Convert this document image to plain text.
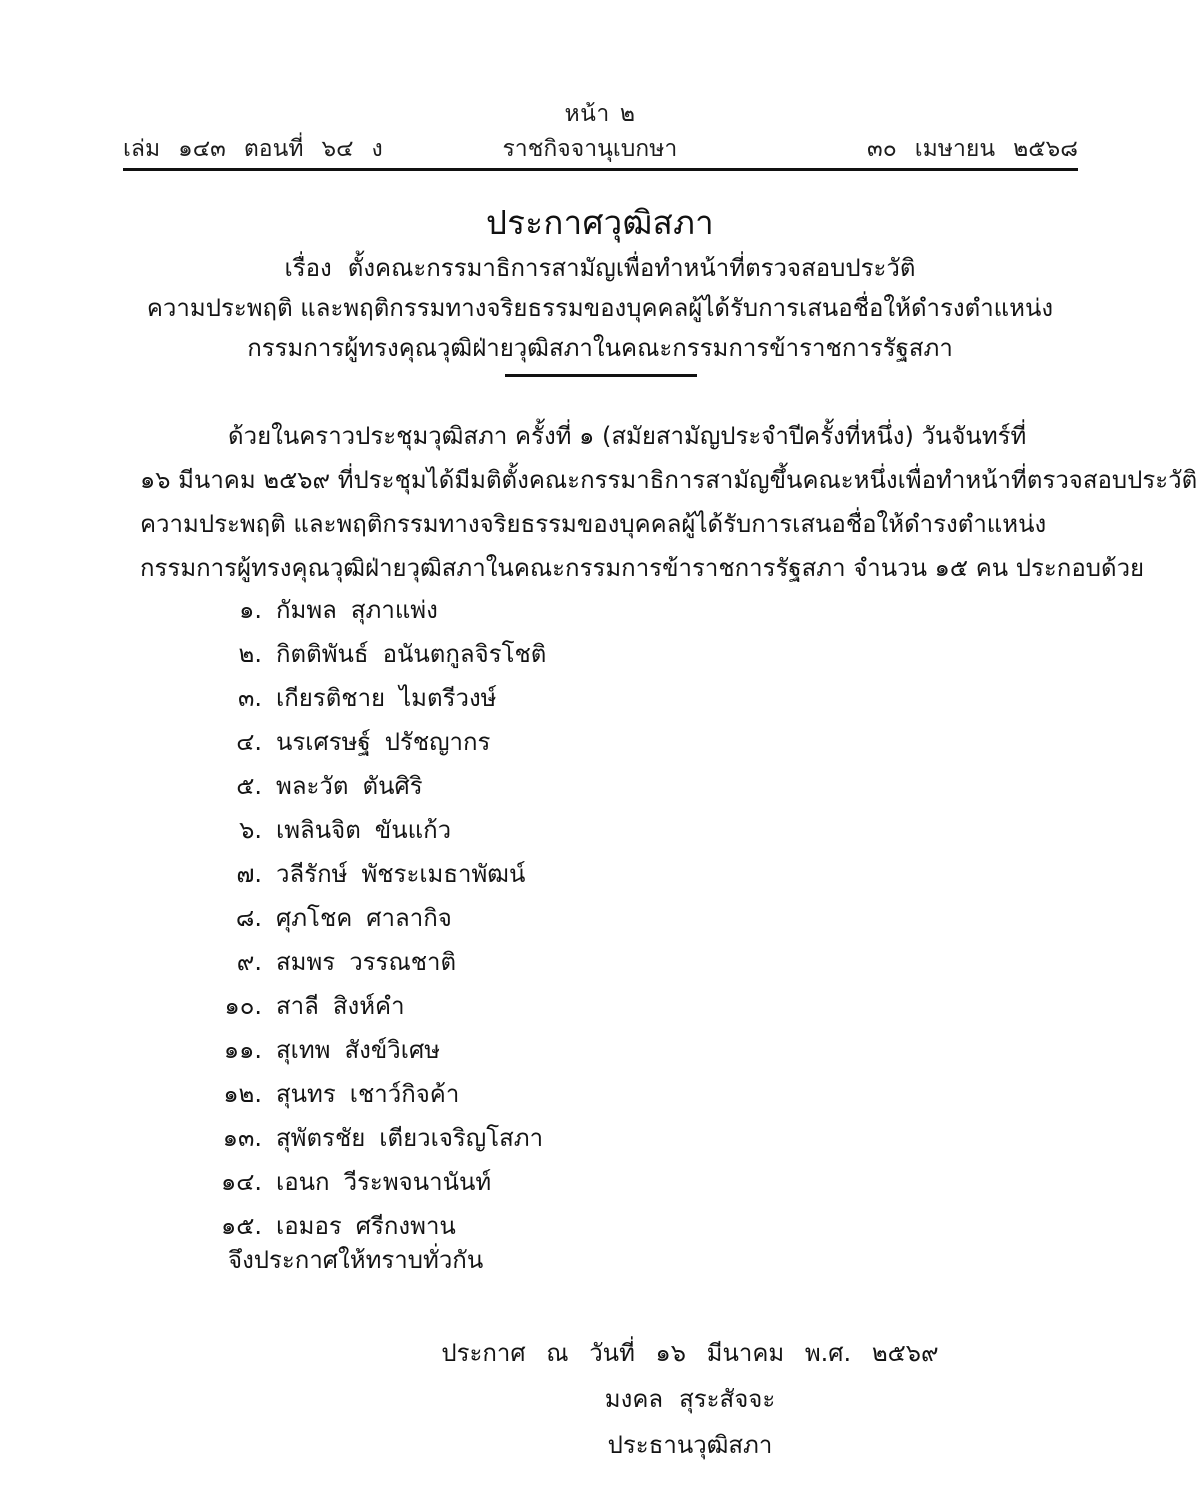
หน้า ๒
เล่ม ๑๔๓ ตอนที่ ๖๔ ง	ราชกิจจานุเบกษา	๓๐ เมษายน ๒๕๖๘
ประกาศวุฒิสภา
เรื่อง ตั้งคณะกรรมาธิการสามัญเพื่อทำหน้าที่ตรวจสอบประวัติ
ความประพฤติ และพฤติกรรมทางจริยธรรมของบุคคลผู้ได้รับการเสนอชื่อให้ดำรงตำแหน่ง
กรรมการผู้ทรงคุณวุฒิฝ่ายวุฒิสภาในคณะกรรมการข้าราชการรัฐสภา
ด้วยในคราวประชุมวุฒิสภา ครั้งที่ ๑ (สมัยสามัญประจำปีครั้งที่หนึ่ง) วันจันทร์ที่
๑๖ มีนาคม ๒๕๖๙ ที่ประชุมได้มีมติตั้งคณะกรรมาธิการสามัญขึ้นคณะหนึ่งเพื่อทำหน้าที่ตรวจสอบประวัติ
ความประพฤติ และพฤติกรรมทางจริยธรรมของบุคคลผู้ได้รับการเสนอชื่อให้ดำรงตำแหน่ง
กรรมการผู้ทรงคุณวุฒิฝ่ายวุฒิสภาในคณะกรรมการข้าราชการรัฐสภา จำนวน ๑๕ คน ประกอบด้วย
๑. กัมพล สุภาแพ่ง
๒. กิตติพันธ์ อนันตกูลจิรโชติ
๓. เกียรติชาย ไมตรีวงษ์
๔. นรเศรษฐ์ ปรัชญากร
๕. พละวัต ตันศิริ
๖. เพลินจิต ขันแก้ว
๗. วลีรักษ์ พัชระเมธาพัฒน์
๘. ศุภโชค ศาลากิจ
๙. สมพร วรรณชาติ
๑๐. สาลี สิงห์คำ
๑๑. สุเทพ สังข์วิเศษ
๑๒. สุนทร เชาว์กิจค้า
๑๓. สุพัตรชัย เตียวเจริญโสภา
๑๔. เอนก วีระพจนานันท์
๑๕. เอมอร ศรีกงพาน
จึงประกาศให้ทราบทั่วกัน
ประกาศ ณ วันที่ ๑๖ มีนาคม พ.ศ. ๒๕๖๙
มงคล สุระสัจจะ
ประธานวุฒิสภา
